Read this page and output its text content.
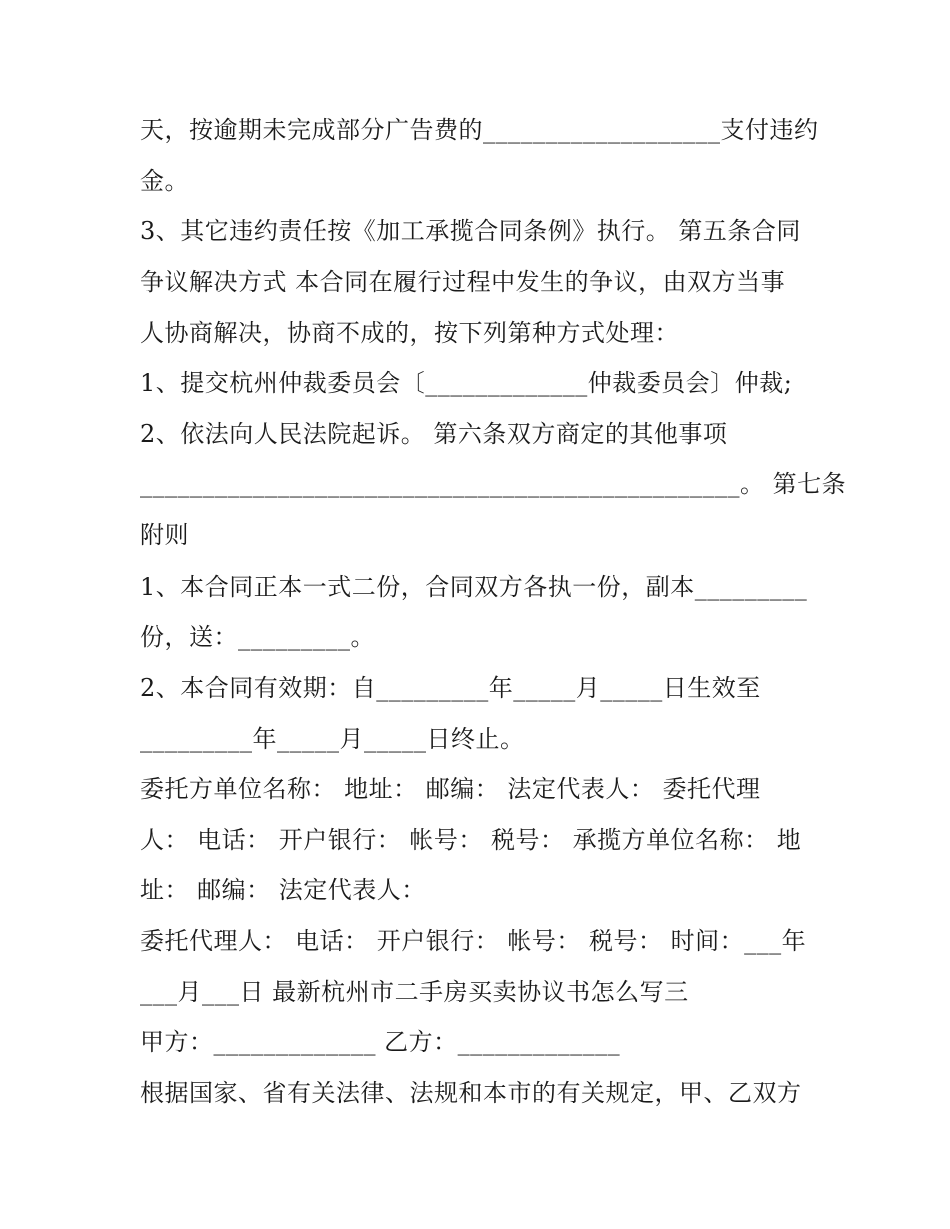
天，按逾期未完成部分广告费的___________________支付违约
金。
3、其它违约责任按《加工承揽合同条例》执行。 第五条合同
争议解决方式 本合同在履行过程中发生的争议，由双方当事
人协商解决，协商不成的，按下列第种方式处理：
1、提交杭州仲裁委员会〔_____________仲裁委员会〕仲裁;
2、依法向人民法院起诉。 第六条双方商定的其他事项
________________________________________________。 第七条
附则
1、本合同正本一式二份，合同双方各执一份，副本_________
份，送：_________。
2、本合同有效期：自_________年_____月_____日生效至
_________年_____月_____日终止。
委托方单位名称： 地址： 邮编： 法定代表人： 委托代理
人： 电话： 开户银行： 帐号： 税号： 承揽方单位名称： 地
址： 邮编： 法定代表人：
委托代理人： 电话： 开户银行： 帐号： 税号： 时间：___年
___月___日 最新杭州市二手房买卖协议书怎么写三
甲方：_____________ 乙方：_____________
根据国家、省有关法律、法规和本市的有关规定，甲、乙双方
